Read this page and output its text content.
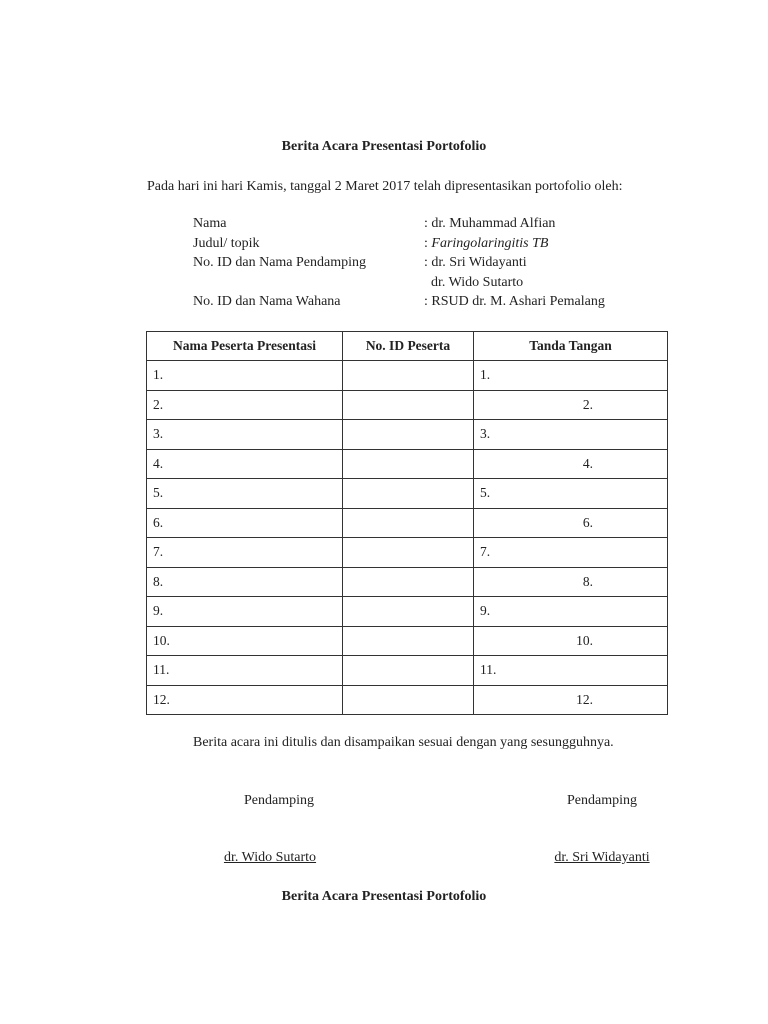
Berita Acara Presentasi Portofolio
Pada hari ini hari Kamis, tanggal 2 Maret 2017 telah dipresentasikan portofolio oleh:
Nama	: dr. Muhammad Alfian
Judul/ topik	: Faringolaringitis TB
No. ID dan Nama Pendamping	: dr. Sri Widayanti
dr. Wido Sutarto
No. ID dan Nama Wahana	: RSUD dr. M. Ashari Pemalang
Nama Peserta Presentasi	No. ID Peserta	Tanda Tangan
1.		1.
2.		2.
3.		3.
4.		4.
5.		5.
6.		6.
7.		7.
8.		8.
9.		9.
10.		10.
11.		11.
12.		12.
Berita acara ini ditulis dan disampaikan sesuai dengan yang sesungguhnya.
Pendamping	Pendamping
dr. Wido Sutarto	dr. Sri Widayanti
Berita Acara Presentasi Portofolio
